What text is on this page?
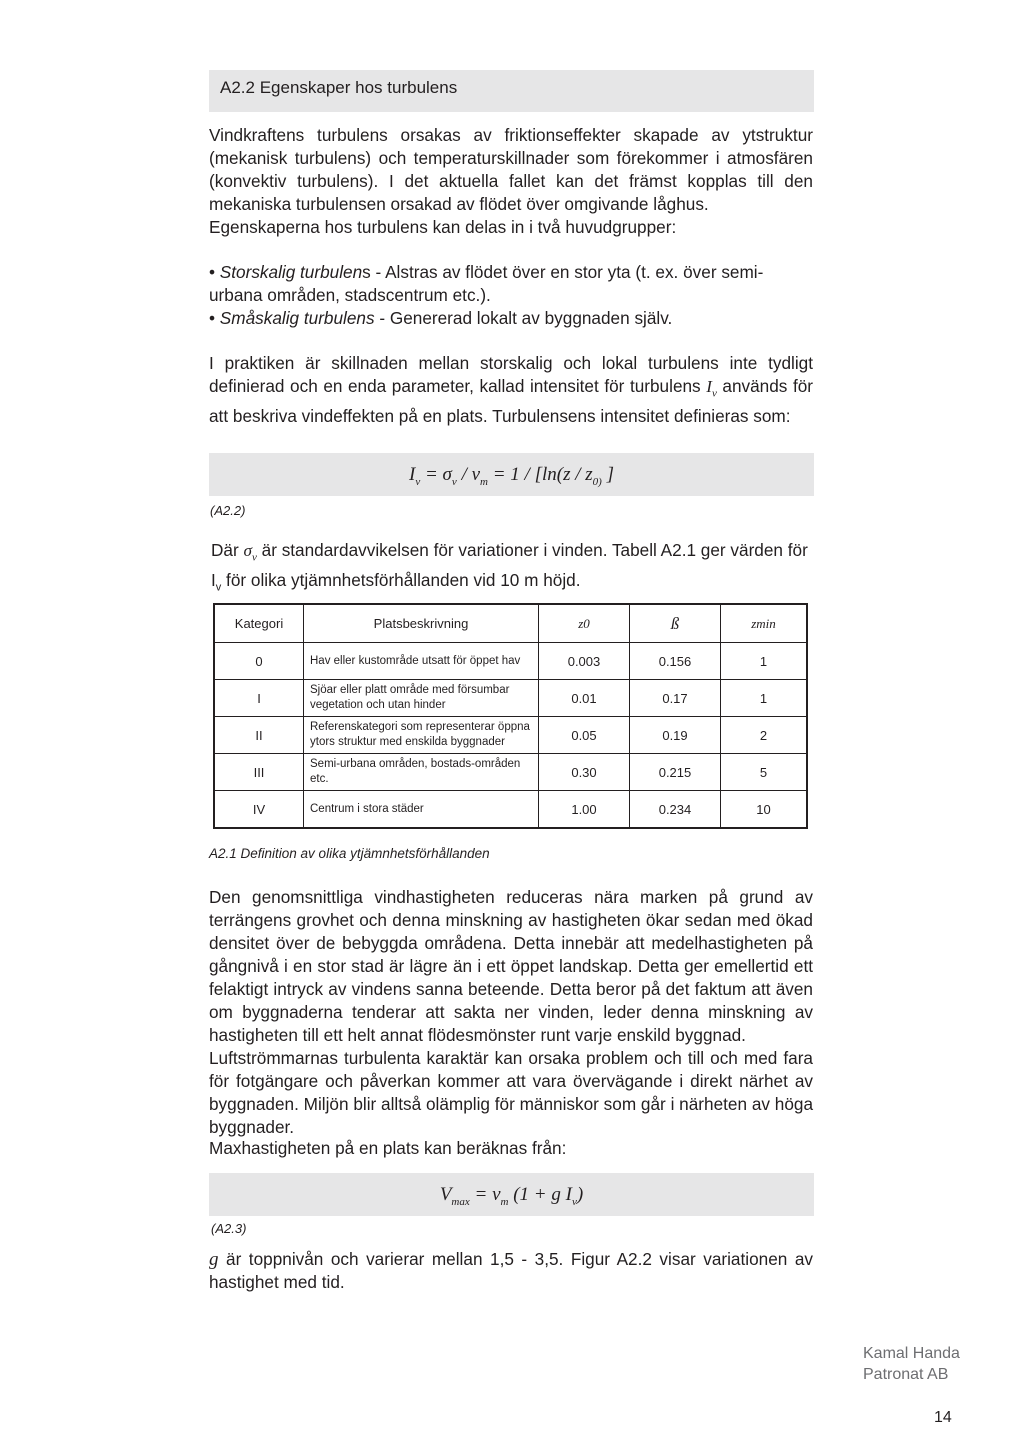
A2.2 Egenskaper hos turbulens

Vindkraftens turbulens orsakas av friktionseffekter skapade av ytstruktur (mekanisk turbulens) och temperaturskillnader som förekommer i atmosfären (konvektiv turbulens). I det aktuella fallet kan det främst kopplas till den mekaniska turbulensen orsakad av flödet över omgivande låghus.

Egenskaperna hos turbulens kan delas in i två huvudgrupper:

• Storskalig turbulens - Alstras av flödet över en stor yta (t. ex. över semi-urbana områden, stadscentrum etc.).

• Småskalig turbulens - Genererad lokalt av byggnaden själv.

I praktiken är skillnaden mellan storskalig och lokal turbulens inte tydligt definierad och en enda parameter, kallad intensitet för turbulens $I_v$ används för att beskriva vindeffekten på en plats. Turbulensens intensitet definieras som:

$I_v = \sigma_v / v_m = 1 / [\ln(z / z_{0)}$ ]
(A2.2)

Där $\sigma_v$ är standardavvikelsen för variationer i vinden. Tabell A2.1 ger värden för $I_v$ för olika ytjämnhetsförhållanden vid 10 m höjd.

Kategori	Platsbeskrivning	z0	ß	zmin
0	Hav eller kustområde utsatt för öppet hav	0.003	0.156	1
I	Sjöar eller platt område med försumbar vegetation och utan hinder	0.01	0.17	1
II	Referenskategori som representerar öppna ytors struktur med enskilda byggnader	0.05	0.19	2
III	Semi-urbana områden, bostads-områden etc.	0.30	0.215	5
IV	Centrum i stora städer	1.00	0.234	10
A2.1 Definition av olika ytjämnhetsförhållanden

Den genomsnittliga vindhastigheten reduceras nära marken på grund av terrängens grovhet och denna minskning av hastigheten ökar sedan med ökad densitet över de bebyggda områdena. Detta innebär att medelhastigheten på gångnivå i en stor stad är lägre än i ett öppet landskap. Detta ger emellertid ett felaktigt intryck av vindens sanna beteende. Detta beror på det faktum att även om byggnaderna tenderar att sakta ner vinden, leder denna minskning av hastigheten till ett helt annat flödesmönster runt varje enskild byggnad.

Luftströmmarnas turbulenta karaktär kan orsaka problem och till och med fara för fotgängare och påverkan kommer att vara övervägande i direkt närhet av byggnaden. Miljön blir alltså olämplig för människor som går i närheten av höga byggnader.

Maxhastigheten på en plats kan beräknas från:

$V_{max} = v_m$ (1 + g $I_v$)
(A2.3)

g är toppnivån och varierar mellan 1,5 - 3,5. Figur A2.2 visar variationen av hastighet med tid.

Kamal Handa
Patronat AB
14
